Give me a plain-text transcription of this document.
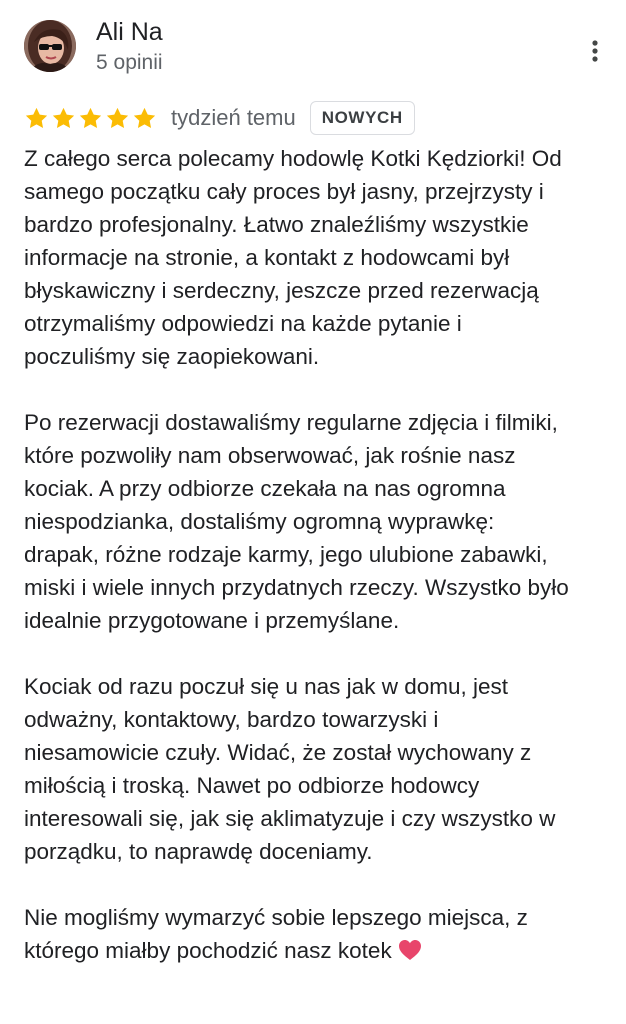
Ali Na
5 opinii
tydzień temu	NOWYCH
Z całego serca polecamy hodowlę Kotki Kędziorki! Od
samego początku cały proces był jasny, przejrzysty i
bardzo profesjonalny. Łatwo znaleźliśmy wszystkie
informacje na stronie, a kontakt z hodowcami był
błyskawiczny i serdeczny, jeszcze przed rezerwacją
otrzymaliśmy odpowiedzi na każde pytanie i
poczuliśmy się zaopiekowani.
Po rezerwacji dostawaliśmy regularne zdjęcia i filmiki,
które pozwoliły nam obserwować, jak rośnie nasz
kociak. A przy odbiorze czekała na nas ogromna
niespodzianka, dostaliśmy ogromną wyprawkę:
drapak, różne rodzaje karmy, jego ulubione zabawki,
miski i wiele innych przydatnych rzeczy. Wszystko było
idealnie przygotowane i przemyślane.
Kociak od razu poczuł się u nas jak w domu, jest
odważny, kontaktowy, bardzo towarzyski i
niesamowicie czuły. Widać, że został wychowany z
miłością i troską. Nawet po odbiorze hodowcy
interesowali się, jak się aklimatyzuje i czy wszystko w
porządku, to naprawdę doceniamy.
Nie mogliśmy wymarzyć sobie lepszego miejsca, z
którego miałby pochodzić nasz kotek
